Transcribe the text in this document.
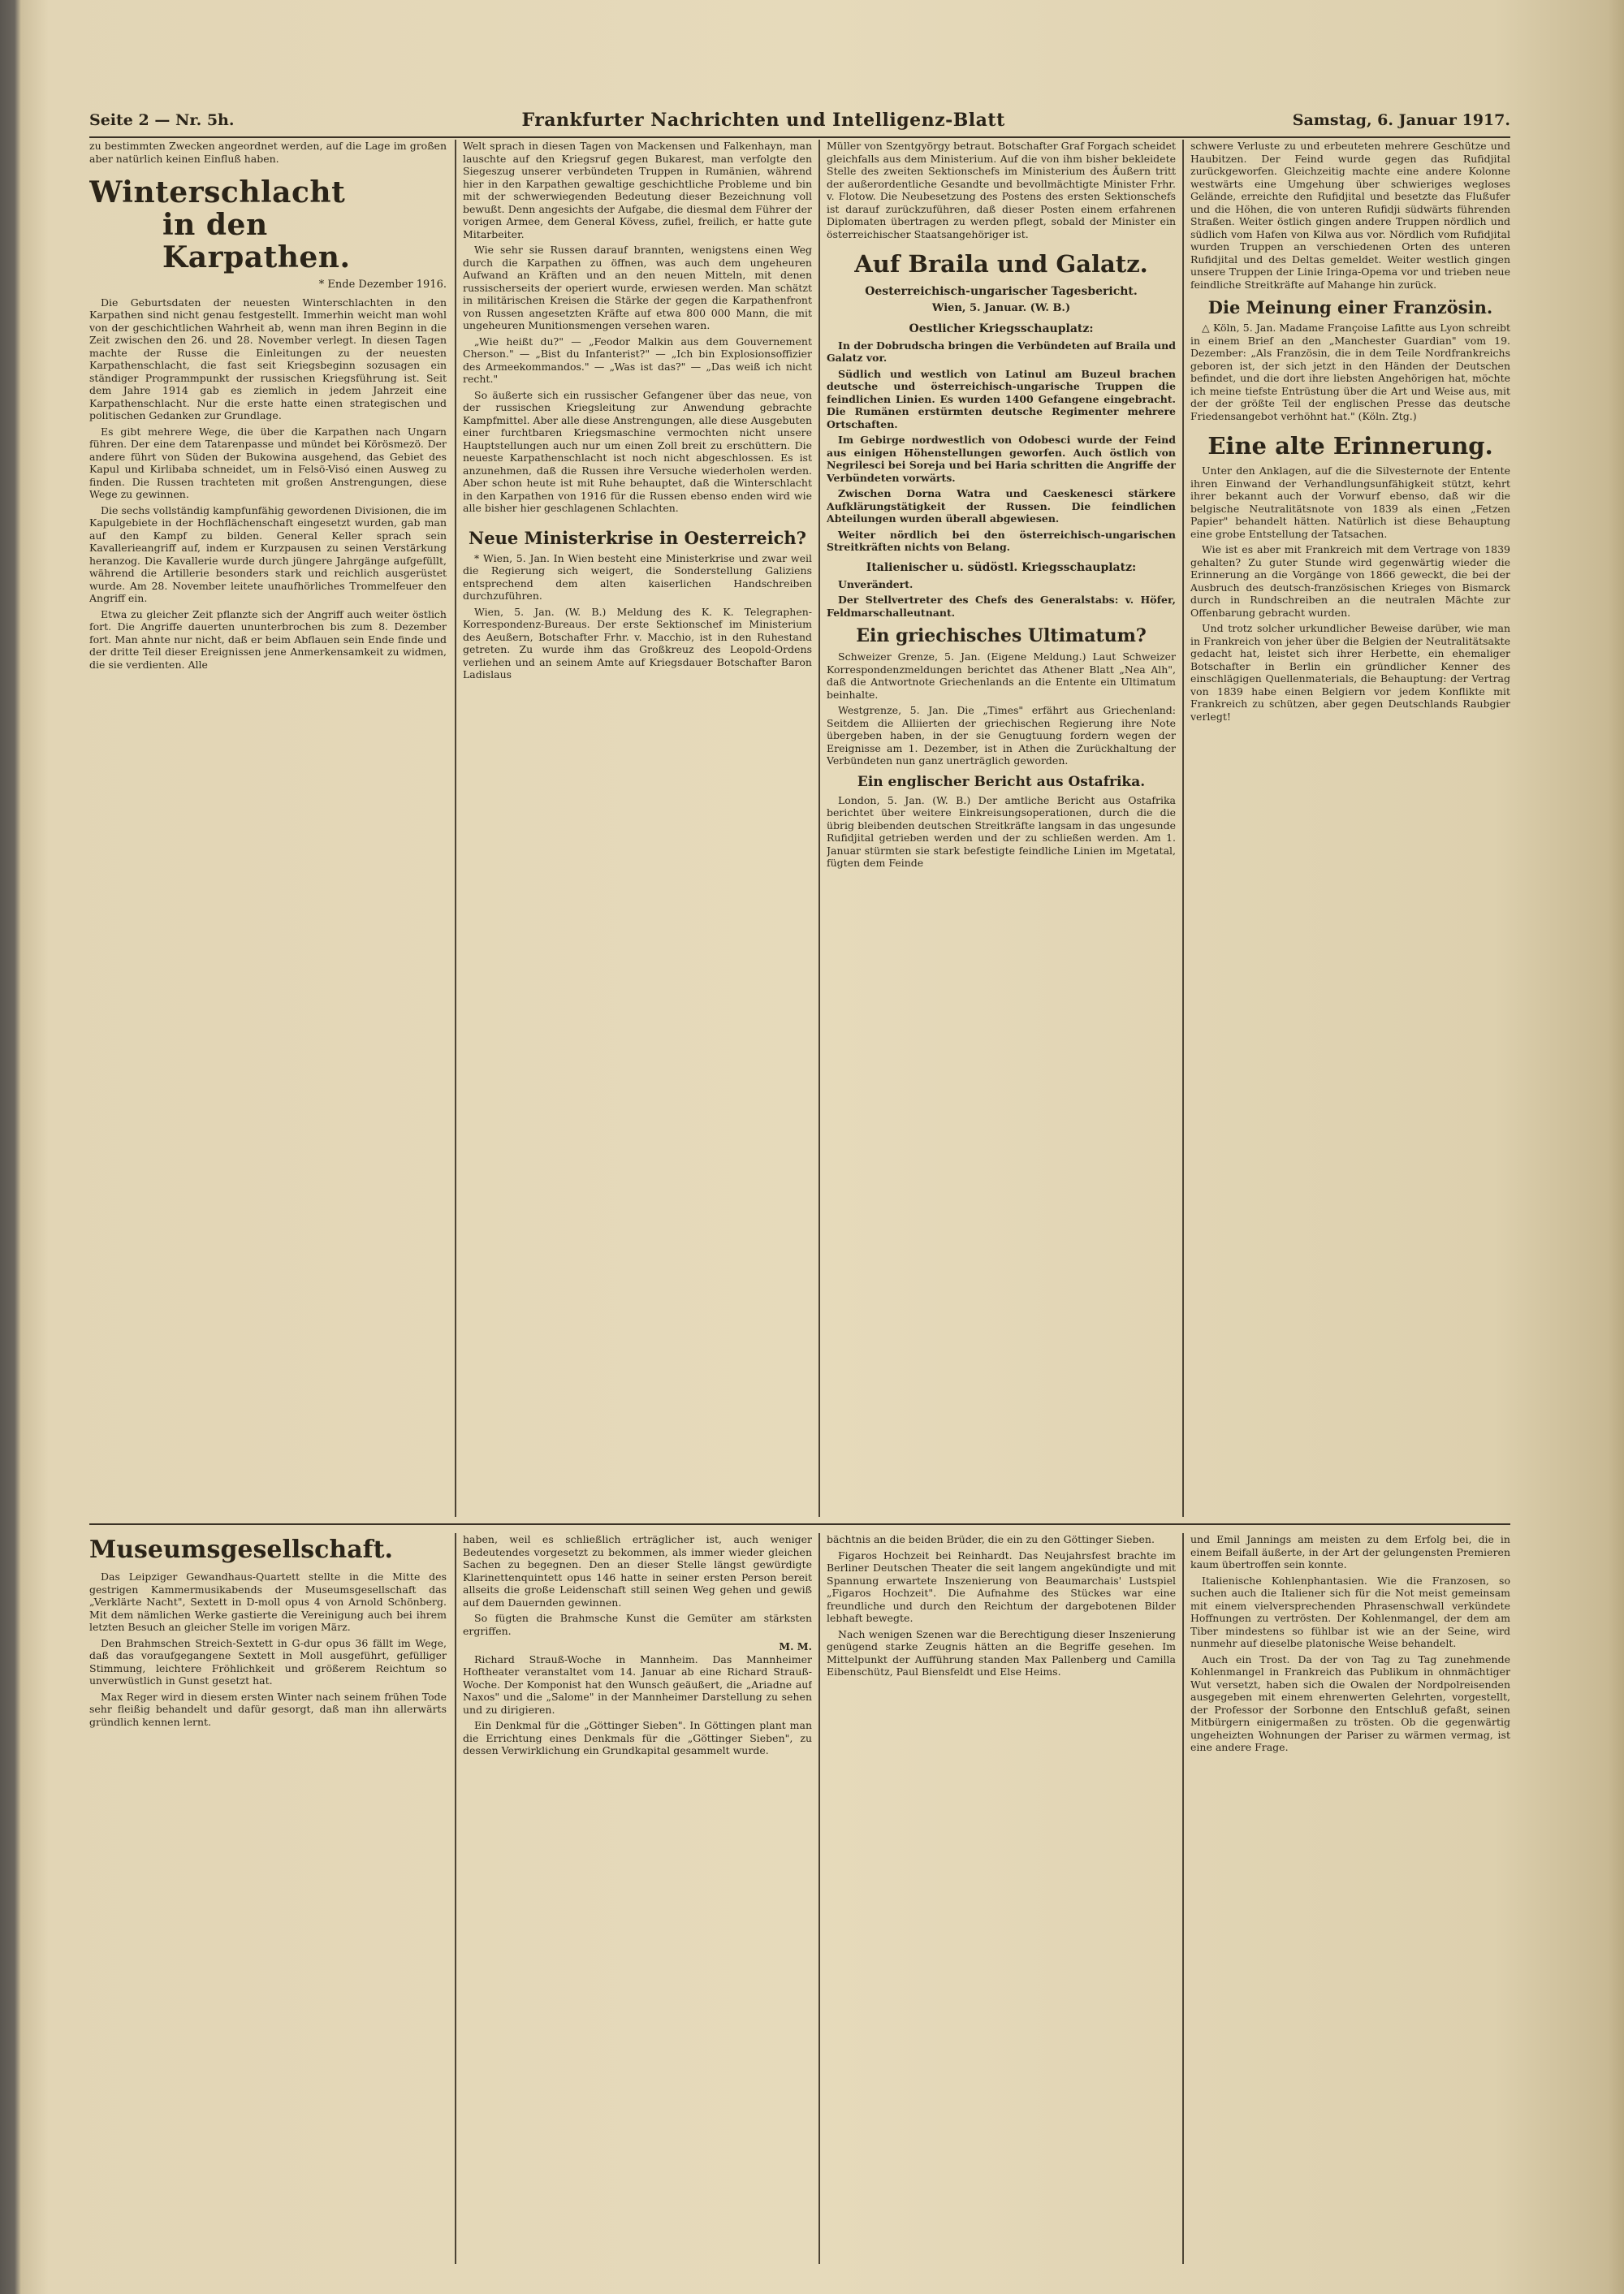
Seite 2 — Nr. 5h.	Frankfurter Nachrichten und Intelligenz-Blatt	Samstag, 6. Januar 1917.

zu bestimmten Zwecken angeordnet werden, auf die Lage im großen aber natürlich keinen Einfluß haben.

Winterschlacht
in den Karpathen.
* Ende Dezember 1916.

Die Geburtsdaten der neuesten Winterschlachten in den Karpathen sind nicht genau festgestellt. Immerhin weicht man wohl von der geschichtlichen Wahrheit ab, wenn man ihren Beginn in die Zeit zwischen den 26. und 28. November verlegt. In diesen Tagen machte der Russe die Einleitungen zu der neuesten Karpathenschlacht, die fast seit Kriegsbeginn sozusagen ein ständiger Programmpunkt der russischen Kriegsführung ist. Seit dem Jahre 1914 gab es ziemlich in jedem Jahrzeit eine Karpathenschlacht. Nur die erste hatte einen strategischen und politischen Gedanken zur Grundlage.

Es gibt mehrere Wege, die über die Karpathen nach Ungarn führen. Der eine dem Tatarenpasse und mündet bei Körösmezö. Der andere führt von Süden der Bukowina ausgehend, das Gebiet des Kapul und Kirlibaba schneidet, um in Felsö-Visó einen Ausweg zu finden. Die Russen trachteten mit großen Anstrengungen, diese Wege zu gewinnen.

Die sechs vollständig kampfunfähig gewordenen Divisionen, die im Kapulgebiete in der Hochflächenschaft eingesetzt wurden, gab man auf den Kampf zu bilden. General Keller sprach sein Kavallerieangriff auf, indem er Kurzpausen zu seinen Verstärkung heranzog. Die Kavallerie wurde durch jüngere Jahrgänge aufgefüllt, während die Artillerie besonders stark und reichlich ausgerüstet wurde. Am 28. November leitete unaufhörliches Trommelfeuer den Angriff ein.

Etwa zu gleicher Zeit pflanzte sich der Angriff auch weiter östlich fort. Die Angriffe dauerten ununterbrochen bis zum 8. Dezember fort. Man ahnte nur nicht, daß er beim Abflauen sein Ende finde und der dritte Teil dieser Ereignissen jene Anmerkensamkeit zu widmen, die sie verdienten. Alle

Welt sprach in diesen Tagen von Mackensen und Falkenhayn, man lauschte auf den Kriegsruf gegen Bukarest, man verfolgte den Siegeszug unserer verbündeten Truppen in Rumänien, während hier in den Karpathen gewaltige geschichtliche Probleme und bin mit der schwerwiegenden Bedeutung dieser Bezeichnung voll bewußt. Denn angesichts der Aufgabe, die diesmal dem Führer der vorigen Armee, dem General Kövess, zufiel, freilich, er hatte gute Mitarbeiter.

Wie sehr sie Russen darauf brannten, wenigstens einen Weg durch die Karpathen zu öffnen, was auch dem ungeheuren Aufwand an Kräften und an den neuen Mitteln, mit denen russischerseits der operiert wurde, erwiesen werden. Man schätzt in militärischen Kreisen die Stärke der gegen die Karpathenfront von Russen angesetzten Kräfte auf etwa 800 000 Mann, die mit ungeheuren Munitionsmengen versehen waren.

„Wie heißt du?" — „Feodor Malkin aus dem Gouvernement Cherson." — „Bist du Infanterist?" — „Ich bin Explosionsoffizier des Armeekommandos." — „Was ist das?" — „Das weiß ich nicht recht."

So äußerte sich ein russischer Gefangener über das neue, von der russischen Kriegsleitung zur Anwendung gebrachte Kampfmittel. Aber alle diese Anstrengungen, alle diese Ausgebuten einer furchtbaren Kriegsmaschine vermochten nicht unsere Hauptstellungen auch nur um einen Zoll breit zu erschüttern. Die neueste Karpathenschlacht ist noch nicht abgeschlossen. Es ist anzunehmen, daß die Russen ihre Versuche wiederholen werden. Aber schon heute ist mit Ruhe behauptet, daß die Winterschlacht in den Karpathen von 1916 für die Russen ebenso enden wird wie alle bisher hier geschlagenen Schlachten.

Neue Ministerkrise in Oesterreich?

* Wien, 5. Jan. In Wien besteht eine Ministerkrise und zwar weil die Regierung sich weigert, die Sonderstellung Galiziens entsprechend dem alten kaiserlichen Handschreiben durchzuführen.

Wien, 5. Jan. (W. B.) Meldung des K. K. Telegraphen-Korrespondenz-Bureaus. Der erste Sektionschef im Ministerium des Aeußern, Botschafter Frhr. v. Macchio, ist in den Ruhestand getreten. Zu wurde ihm das Großkreuz des Leopold-Ordens verliehen und an seinem Amte auf Kriegsdauer Botschafter Baron Ladislaus

Müller von Szentgyörgy betraut. Botschafter Graf Forgach scheidet gleichfalls aus dem Ministerium. Auf die von ihm bisher bekleidete Stelle des zweiten Sektionschefs im Ministerium des Äußern tritt der außerordentliche Gesandte und bevollmächtigte Minister Frhr. v. Flotow. Die Neubesetzung des Postens des ersten Sektionschefs ist darauf zurückzuführen, daß dieser Posten einem erfahrenen Diplomaten übertragen zu werden pflegt, sobald der Minister ein österreichischer Staatsangehöriger ist.

Auf Braila und Galatz.
Oesterreichisch-ungarischer Tagesbericht.
Wien, 5. Januar. (W. B.)
Oestlicher Kriegsschauplatz:

In der Dobrudscha bringen die Verbündeten auf Braila und Galatz vor.

Südlich und westlich von Latinul am Buzeul brachen deutsche und österreichisch-ungarische Truppen die feindlichen Linien. Es wurden 1400 Gefangene eingebracht. Die Rumänen erstürmten deutsche Regimenter mehrere Ortschaften.

Im Gebirge nordwestlich von Odobesci wurde der Feind aus einigen Höhenstellungen geworfen. Auch östlich von Negrilesci bei Soreja und bei Haria schritten die Angriffe der Verbündeten vorwärts.

Zwischen Dorna Watra und Caeskenesci stärkere Aufklärungstätigkeit der Russen. Die feindlichen Abteilungen wurden überall abgewiesen.

Weiter nördlich bei den österreichisch-ungarischen Streitkräften nichts von Belang.

Italienischer u. südöstl. Kriegsschauplatz:

Unverändert.

Der Stellvertreter des Chefs des Generalstabs: v. Höfer, Feldmarschalleutnant.

Ein griechisches Ultimatum?

Schweizer Grenze, 5. Jan. (Eigene Meldung.) Laut Schweizer Korrespondenzmeldungen berichtet das Athener Blatt „Nea Alh", daß die Antwortnote Griechenlands an die Entente ein Ultimatum beinhalte.

Westgrenze, 5. Jan. Die „Times" erfährt aus Griechenland: Seitdem die Alliierten der griechischen Regierung ihre Note übergeben haben, in der sie Genugtuung fordern wegen der Ereignisse am 1. Dezember, ist in Athen die Zurückhaltung der Verbündeten nun ganz unerträglich geworden.

Ein englischer Bericht aus Ostafrika.

London, 5. Jan. (W. B.) Der amtliche Bericht aus Ostafrika berichtet über weitere Einkreisungsoperationen, durch die die übrig bleibenden deutschen Streitkräfte langsam in das ungesunde Rufidjital getrieben werden und der zu schließen werden. Am 1. Januar stürmten sie stark befestigte feindliche Linien im Mgetatal, fügten dem Feinde

schwere Verluste zu und erbeuteten mehrere Geschütze und Haubitzen. Der Feind wurde gegen das Rufidjital zurückgeworfen. Gleichzeitig machte eine andere Kolonne westwärts eine Umgehung über schwieriges wegloses Gelände, erreichte den Rufidjital und besetzte das Flußufer und die Höhen, die von unteren Rufidji südwärts führenden Straßen. Weiter östlich gingen andere Truppen nördlich und südlich vom Hafen von Kilwa aus vor. Nördlich vom Rufidjital wurden Truppen an verschiedenen Orten des unteren Rufidjital und des Deltas gemeldet. Weiter westlich gingen unsere Truppen der Linie Iringa-Opema vor und trieben neue feindliche Streitkräfte auf Mahange hin zurück.

Die Meinung einer Französin.

△ Köln, 5. Jan. Madame Françoise Lafitte aus Lyon schreibt in einem Brief an den „Manchester Guardian" vom 19. Dezember: „Als Französin, die in dem Teile Nordfrankreichs geboren ist, der sich jetzt in den Händen der Deutschen befindet, und die dort ihre liebsten Angehörigen hat, möchte ich meine tiefste Entrüstung über die Art und Weise aus, mit der der größte Teil der englischen Presse das deutsche Friedensangebot verhöhnt hat." (Köln. Ztg.)

Eine alte Erinnerung.

Unter den Anklagen, auf die die Silvesternote der Entente ihren Einwand der Verhandlungsunfähigkeit stützt, kehrt ihrer bekannt auch der Vorwurf ebenso, daß wir die belgische Neutralitätsnote von 1839 als einen „Fetzen Papier" behandelt hätten. Natürlich ist diese Behauptung eine grobe Entstellung der Tatsachen.

Wie ist es aber mit Frankreich mit dem Vertrage von 1839 gehalten? Zu guter Stunde wird gegenwärtig wieder die Erinnerung an die Vorgänge von 1866 geweckt, die bei der Ausbruch des deutsch-französischen Krieges von Bismarck durch in Rundschreiben an die neutralen Mächte zur Offenbarung gebracht wurden.

Und trotz solcher urkundlicher Beweise darüber, wie man in Frankreich von jeher über die Belgien der Neutralitätsakte gedacht hat, leistet sich ihrer Herbette, ein ehemaliger Botschafter in Berlin ein gründlicher Kenner des einschlägigen Quellenmaterials, die Behauptung: der Vertrag von 1839 habe einen Belgiern vor jedem Konflikte mit Frankreich zu schützen, aber gegen Deutschlands Raubgier verlegt!

Museumsgesellschaft.

Das Leipziger Gewandhaus-Quartett stellte in die Mitte des gestrigen Kammermusikabends der Museumsgesellschaft das „Verklärte Nacht", Sextett in D-moll opus 4 von Arnold Schönberg. Mit dem nämlichen Werke gastierte die Vereinigung auch bei ihrem letzten Besuch an gleicher Stelle im vorigen März.

Den Brahmschen Streich-Sextett in G-dur opus 36 fällt im Wege, daß das voraufgegangene Sextett in Moll ausgeführt, gefülliger Stimmung, leichtere Fröhlichkeit und größerem Reichtum so unverwüstlich in Gunst gesetzt hat.

Max Reger wird in diesem ersten Winter nach seinem frühen Tode sehr fleißig behandelt und dafür gesorgt, daß man ihn allerwärts gründlich kennen lernt.

haben, weil es schließlich erträglicher ist, auch weniger Bedeutendes vorgesetzt zu bekommen, als immer wieder gleichen Sachen zu begegnen. Den an dieser Stelle längst gewürdigte Klarinettenquintett opus 146 hatte in seiner ersten Person bereit allseits die große Leidenschaft still seinen Weg gehen und gewiß auf dem Dauernden gewinnen.

So fügten die Brahmsche Kunst die Gemüter am stärksten ergriffen.

M. M.

Richard Strauß-Woche in Mannheim. Das Mannheimer Hoftheater veranstaltet vom 14. Januar ab eine Richard Strauß-Woche. Der Komponist hat den Wunsch geäußert, die „Ariadne auf Naxos" und die „Salome" in der Mannheimer Darstellung zu sehen und zu dirigieren.

Ein Denkmal für die „Göttinger Sieben". In Göttingen plant man die Errichtung eines Denkmals für die „Göttinger Sieben", zu dessen Verwirklichung ein Grundkapital gesammelt wurde.

bächtnis an die beiden Brüder, die ein zu den Göttinger Sieben.

Figaros Hochzeit bei Reinhardt. Das Neujahrsfest brachte im Berliner Deutschen Theater die seit langem angekündigte und mit Spannung erwartete Inszenierung von Beaumarchais' Lustspiel „Figaros Hochzeit". Die Aufnahme des Stückes war eine freundliche und durch den Reichtum der dargebotenen Bilder lebhaft bewegte.

Nach wenigen Szenen war die Berechtigung dieser Inszenierung genügend starke Zeugnis hätten an die Begriffe gesehen. Im Mittelpunkt der Aufführung standen Max Pallenberg und Camilla Eibenschütz, Paul Biensfeldt und Else Heims.

und Emil Jannings am meisten zu dem Erfolg bei, die in einem Beifall äußerte, in der Art der gelungensten Premieren kaum übertroffen sein konnte.

Italienische Kohlenphantasien. Wie die Franzosen, so suchen auch die Italiener sich für die Not meist gemeinsam mit einem vielversprechenden Phrasenschwall verkündete Hoffnungen zu vertrösten. Der Kohlenmangel, der dem am Tiber mindestens so fühlbar ist wie an der Seine, wird nunmehr auf dieselbe platonische Weise behandelt.

Auch ein Trost. Da der von Tag zu Tag zunehmende Kohlenmangel in Frankreich das Publikum in ohnmächtiger Wut versetzt, haben sich die Owalen der Nordpolreisenden ausgegeben mit einem ehrenwerten Gelehrten, vorgestellt, der Professor der Sorbonne den Entschluß gefaßt, seinen Mitbürgern einigermaßen zu trösten. Ob die gegenwärtig ungeheizten Wohnungen der Pariser zu wärmen vermag, ist eine andere Frage.
